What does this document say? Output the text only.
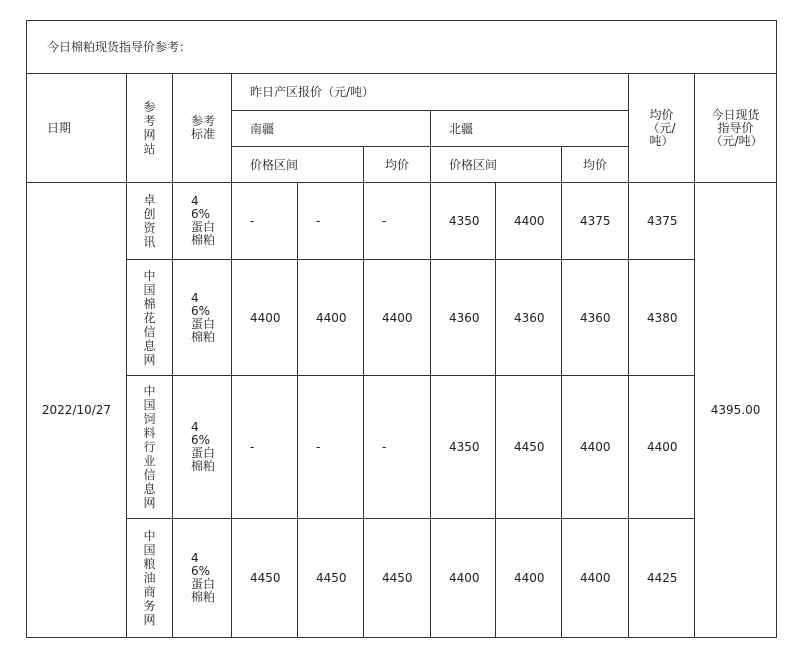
今日棉粕现货指导价参考：										
日期	参考网站	参考标准	昨日产区报价（元/吨）						均价（元/吨）	今日现货指导价（元/吨）

			南疆			北疆				
			价格区间		均价	价格区间		均价		
2022/10/27	卓创资讯	46%蛋白棉粕	-	-	-	4350	4400	4375	4375	4395.00

	中国棉花信息网	46%蛋白棉粕	4400	4400	4400	4360	4360	4360	4380	

	中国饲料行业信息网	46%蛋白棉粕	-	-	-	4350	4450	4400	4400	

	中国粮油商务网	46%蛋白棉粕	4450	4450	4450	4400	4400	4400	4425	
